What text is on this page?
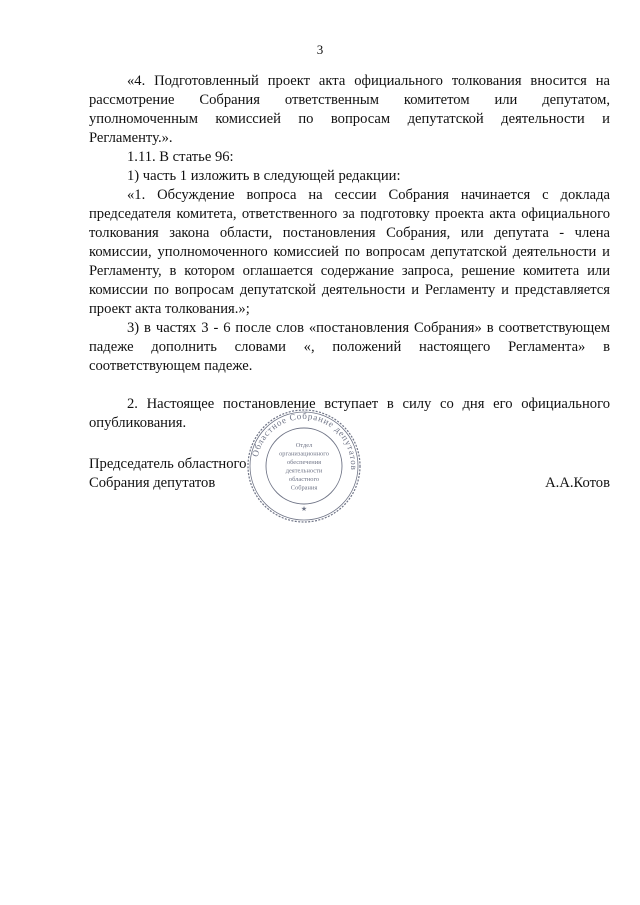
3

«4. Подготовленный проект акта официального толкования вносится на рассмотрение Собрания ответственным комитетом или депутатом, уполномоченным комиссией по вопросам депутатской деятельности и Регламенту.».

1.11. В статье 96:

1) часть 1 изложить в следующей редакции:

«1. Обсуждение вопроса на сессии Собрания начинается с доклада председателя комитета, ответственного за подготовку проекта акта официального толкования закона области, постановления Собрания, или депутата - члена комиссии, уполномоченного комиссией по вопросам депутатской деятельности и Регламенту, в котором оглашается содержание запроса, решение комитета или комиссии по вопросам депутатской деятельности и Регламенту и представляется проект акта толкования.»;

3) в частях 3 - 6 после слов «постановления Собрания» в соответствующем падеже дополнить словами «, положений настоящего Регламента» в соответствующем падеже.

2. Настоящее постановление вступает в силу со дня его официального опубликования.

Председатель областного
Собрания депутатов	А.А.Котов
Областное Собрание депутатов
Отдел
организационного
обеспечения
деятельности
областного
Собрания
★
